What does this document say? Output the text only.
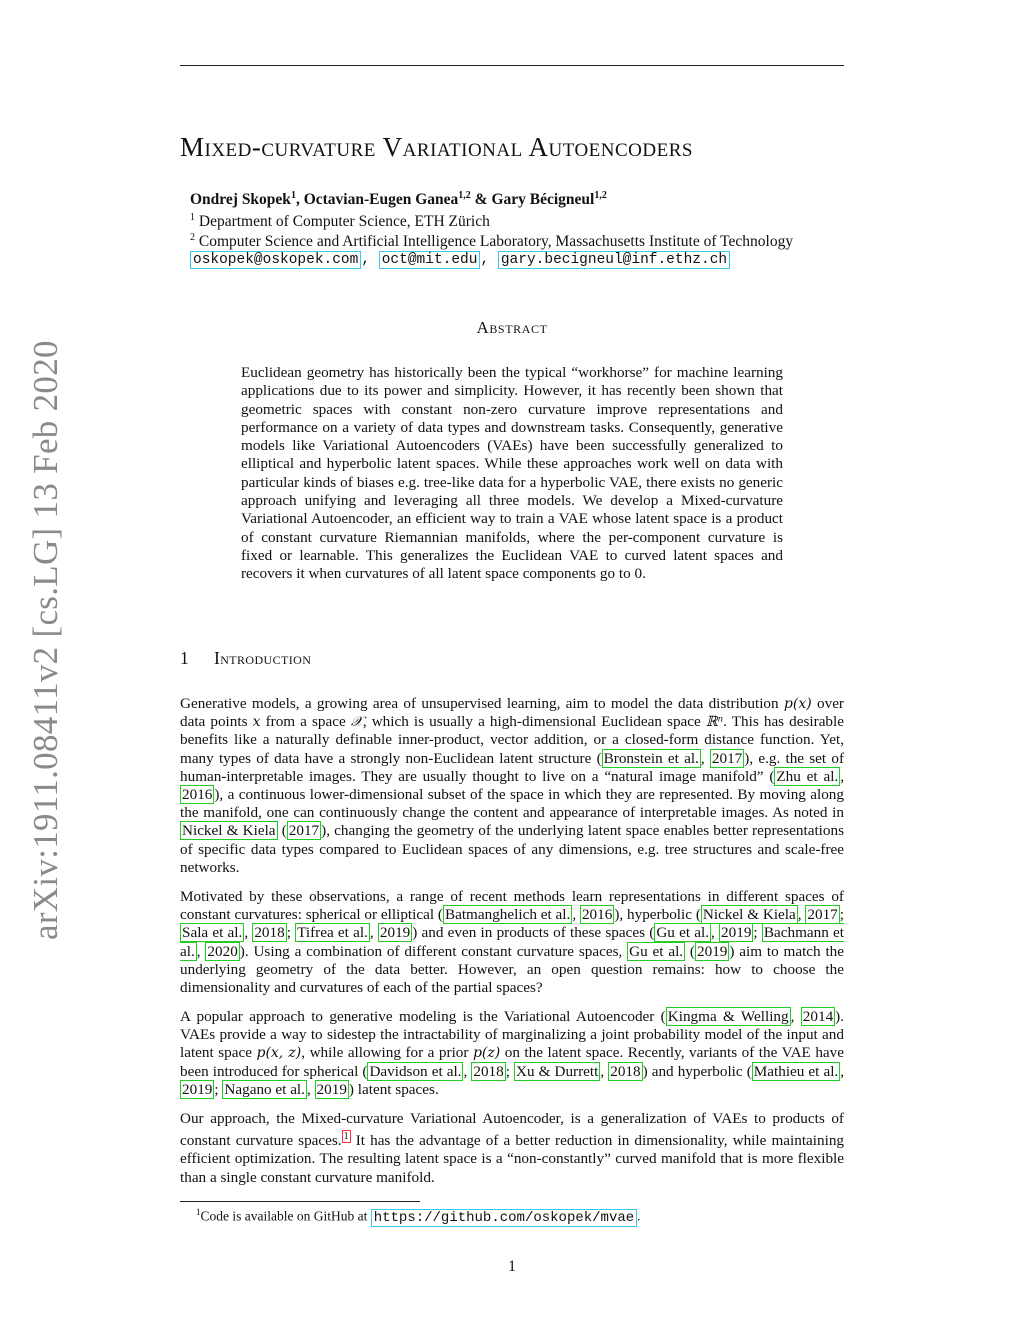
arXiv:1911.08411v2 [cs.LG] 13 Feb 2020
Mixed-curvature Variational Autoencoders
Ondrej Skopek$^1$, Octavian-Eugen Ganea$^{1,2}$ & Gary Bécigneul$^{1,2}$
$^1$ Department of Computer Science, ETH Zürich
$^2$ Computer Science and Artificial Intelligence Laboratory, Massachusetts Institute of Technology
oskopek@oskopek.com , oct@mit.edu , gary.becigneul@inf.ethz.ch
Abstract
Euclidean geometry has historically been the typical “workhorse” for machine learning applications due to its power and simplicity. However, it has recently been shown that geometric spaces with constant non-zero curvature improve representations and performance on a variety of data types and downstream tasks. Consequently, generative models like Variational Autoencoders (VAEs) have been successfully generalized to elliptical and hyperbolic latent spaces. While these approaches work well on data with particular kinds of biases e.g. tree-like data for a hyperbolic VAE, there exists no generic approach unifying and leveraging all three models. We develop a Mixed-curvature Variational Autoencoder, an efficient way to train a VAE whose latent space is a product of constant curvature Riemannian manifolds, where the per-component curvature is fixed or learnable. This generalizes the Euclidean VAE to curved latent spaces and recovers it when curvatures of all latent space components go to 0.
1 Introduction

Generative models, a growing area of unsupervised learning, aim to model the data distribution p(x) over data points x from a space 𝒳, which is usually a high-dimensional Euclidean space ℝⁿ. This has desirable benefits like a naturally definable inner-product, vector addition, or a closed-form distance function. Yet, many types of data have a strongly non-Euclidean latent structure ( Bronstein et al. , 2017 ), e.g. the set of human-interpretable images. They are usually thought to live on a “natural image manifold” ( Zhu et al. , 2016 ), a continuous lower-dimensional subset of the space in which they are represented. By moving along the manifold, one can continuously change the content and appearance of interpretable images. As noted in Nickel & Kiela ( 2017 ), changing the geometry of the underlying latent space enables better representations of specific data types compared to Euclidean spaces of any dimensions, e.g. tree structures and scale-free networks.

Motivated by these observations, a range of recent methods learn representations in different spaces of constant curvatures: spherical or elliptical ( Batmanghelich et al. , 2016 ), hyperbolic ( Nickel & Kiela , 2017 ; Sala et al. , 2018 ; Tifrea et al. , 2019 ) and even in products of these spaces ( Gu et al. , 2019 ; Bachmann et al. , 2020 ). Using a combination of different constant curvature spaces, Gu et al. ( 2019 ) aim to match the underlying geometry of the data better. However, an open question remains: how to choose the dimensionality and curvatures of each of the partial spaces?

A popular approach to generative modeling is the Variational Autoencoder ( Kingma & Welling , 2014 ). VAEs provide a way to sidestep the intractability of marginalizing a joint probability model of the input and latent space p(x, z), while allowing for a prior p(z) on the latent space. Recently, variants of the VAE have been introduced for spherical ( Davidson et al. , 2018 ; Xu & Durrett , 2018 ) and hyperbolic ( Mathieu et al. , 2019 ; Nagano et al. , 2019 ) latent spaces.

Our approach, the Mixed-curvature Variational Autoencoder, is a generalization of VAEs to products of constant curvature spaces. $^1$ It has the advantage of a better reduction in dimensionality, while maintaining efficient optimization. The resulting latent space is a “non-constantly” curved manifold that is more flexible than a single constant curvature manifold.

$^1$Code is available on GitHub at https://github.com/oskopek/mvae .
1
